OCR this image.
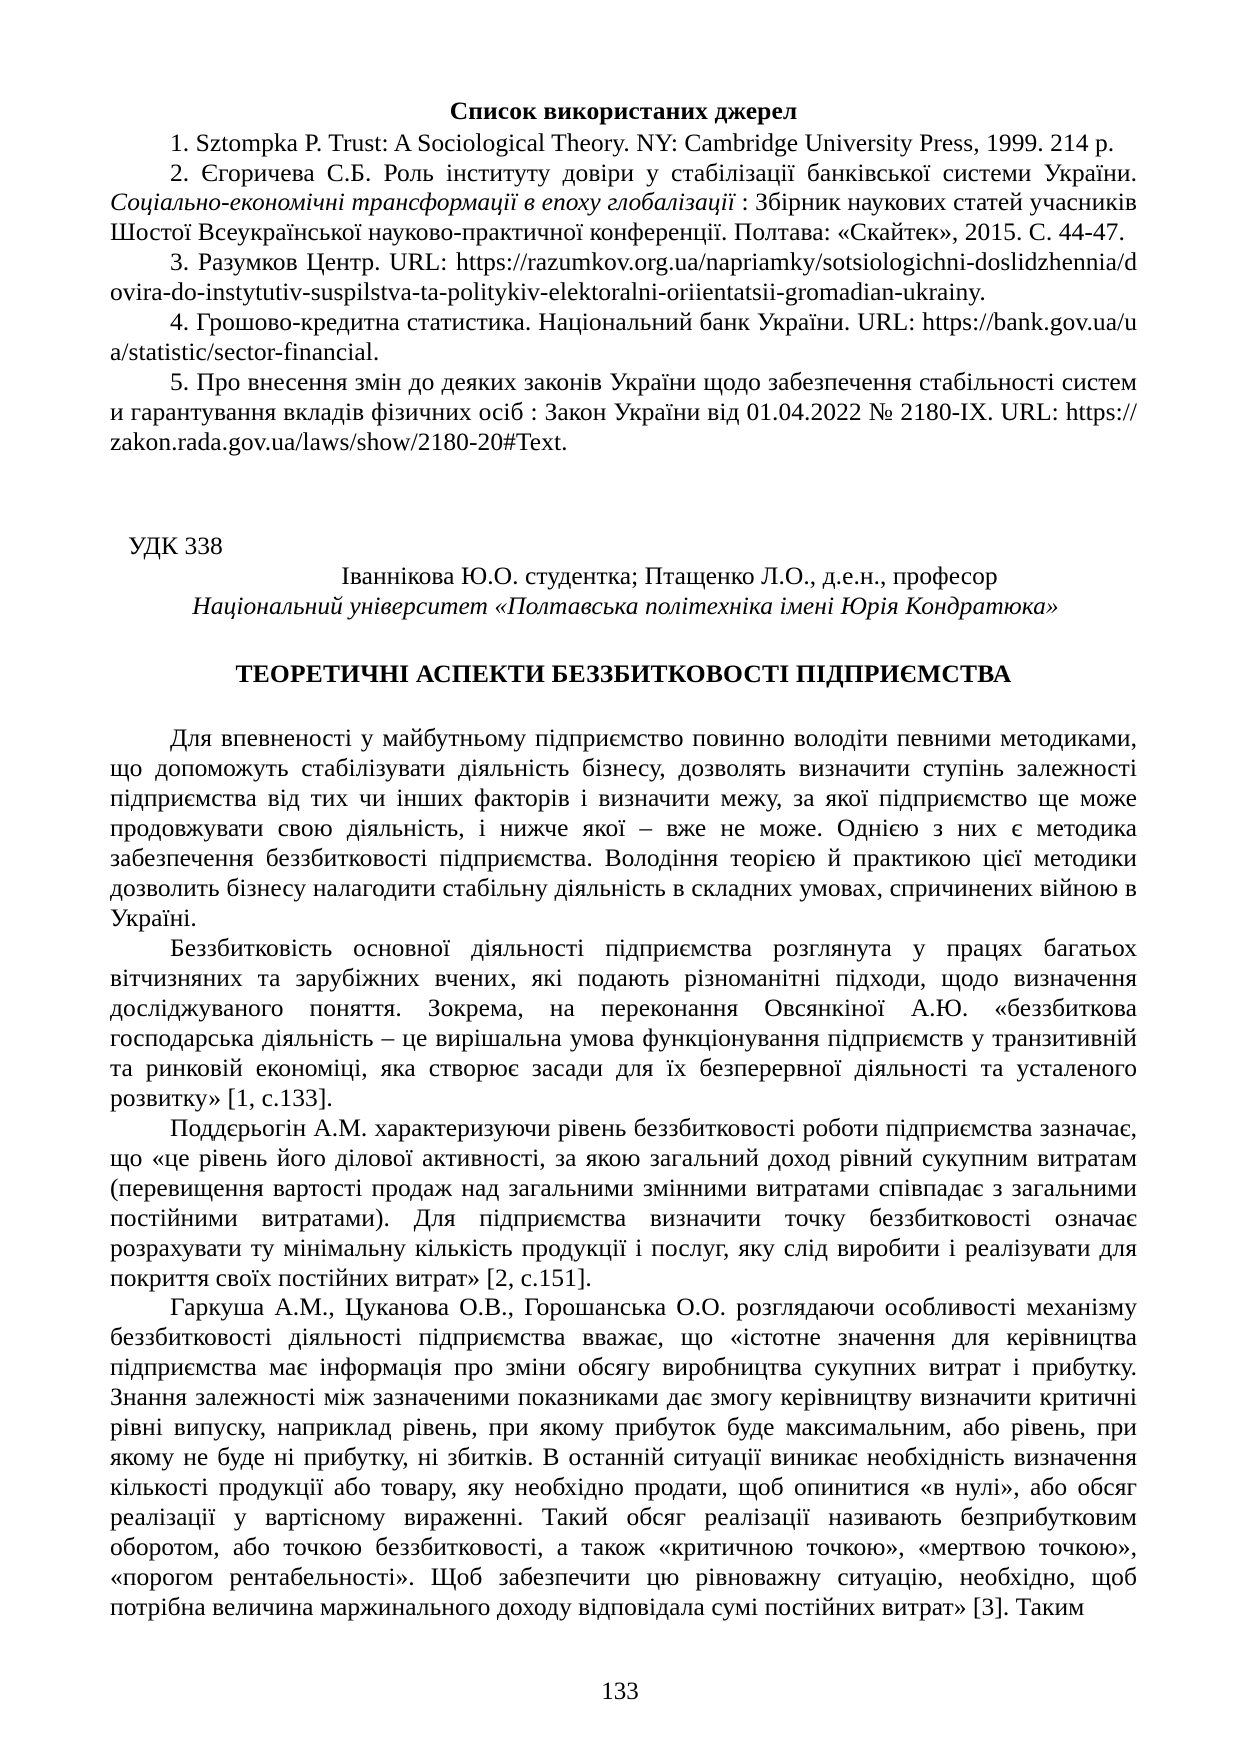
Список використаних джерел

1. Sztompka P. Trust: A Sociological Theory. NY: Cambridge University Press, 1999. 214 p.

2. Єгоричева С.Б. Роль інституту довіри у стабілізації банківської системи України. Соціально-економічні трансформації в епоху глобалізації : Збірник наукових статей учасників Шостої Всеукраїнської науково-практичної конференції. Полтава: «Скайтек», 2015. С. 44-47.

3. Разумков Центр. URL: https://razumkov.org.ua/napriamky/sotsiologichni-doslidzhennia/dovira-do-instytutiv-suspilstva-ta-politykiv-elektoralni-oriientatsii-gromadian-ukrainy.

4. Грошово-кредитна статистика. Національний банк України. URL: https://bank.gov.ua/ua/statistic/sector-financial.

5. Про внесення змін до деяких законів України щодо забезпечення стабільності системи гарантування вкладів фізичних осіб : Закон України від 01.04.2022 № 2180-IX. URL: https://zakon.rada.gov.ua/laws/show/2180-20#Text.

УДК 338

Іваннікова Ю.О. студентка; Птащенко Л.О., д.е.н., професор

Національний університет «Полтавська політехніка імені Юрія Кондратюка»

ТЕОРЕТИЧНІ АСПЕКТИ БЕЗЗБИТКОВОСТІ ПІДПРИЄМСТВА

Для впевненості у майбутньому підприємство повинно володіти певними методиками, що допоможуть стабілізувати діяльність бізнесу, дозволять визначити ступінь залежності підприємства від тих чи інших факторів і визначити межу, за якої підприємство ще може продовжувати свою діяльність, і нижче якої – вже не може. Однією з них є методика забезпечення беззбитковості підприємства. Володіння теорією й практикою цієї методики дозволить бізнесу налагодити стабільну діяльність в складних умовах, спричинених війною в Україні.

Беззбитковість основної діяльності підприємства розглянута у працях багатьох вітчизняних та зарубіжних вчених, які подають різноманітні підходи, щодо визначення досліджуваного поняття. Зокрема, на переконання Овсянкіної А.Ю. «беззбиткова господарська діяльність – це вирішальна умова функціонування підприємств у транзитивній та ринковій економіці, яка створює засади для їх безперервної діяльності та усталеного розвитку» [1, с.133].

Поддєрьогін А.М. характеризуючи рівень беззбитковості роботи підприємства зазначає, що «це рівень його ділової активності, за якою загальний доход рівний сукупним витратам (перевищення вартості продаж над загальними змінними витратами співпадає з загальними постійними витратами). Для підприємства визначити точку беззбитковості означає розрахувати ту мінімальну кількість продукції і послуг, яку слід виробити і реалізувати для покриття своїх постійних витрат» [2, с.151].

Гаркуша А.М., Цуканова О.В., Горошанська О.О. розглядаючи особливості механізму беззбитковості діяльності підприємства вважає, що «істотне значення для керівництва підприємства має інформація про зміни обсягу виробництва сукупних витрат і прибутку. Знання залежності між зазначеними показниками дає змогу керівництву визначити критичні рівні випуску, наприклад рівень, при якому прибуток буде максимальним, або рівень, при якому не буде ні прибутку, ні збитків. В останній ситуації виникає необхідність визначення кількості продукції або товару, яку необхідно продати, щоб опинитися «в нулі», або обсяг реалізації у вартісному вираженні. Такий обсяг реалізації називають безприбутковим оборотом, або точкою беззбитковості, а також «критичною точкою», «мертвою точкою», «порогом рентабельності». Щоб забезпечити цю рівноважну ситуацію, необхідно, щоб потрібна величина маржинального доходу відповідала сумі постійних витрат» [3]. Таким

133
